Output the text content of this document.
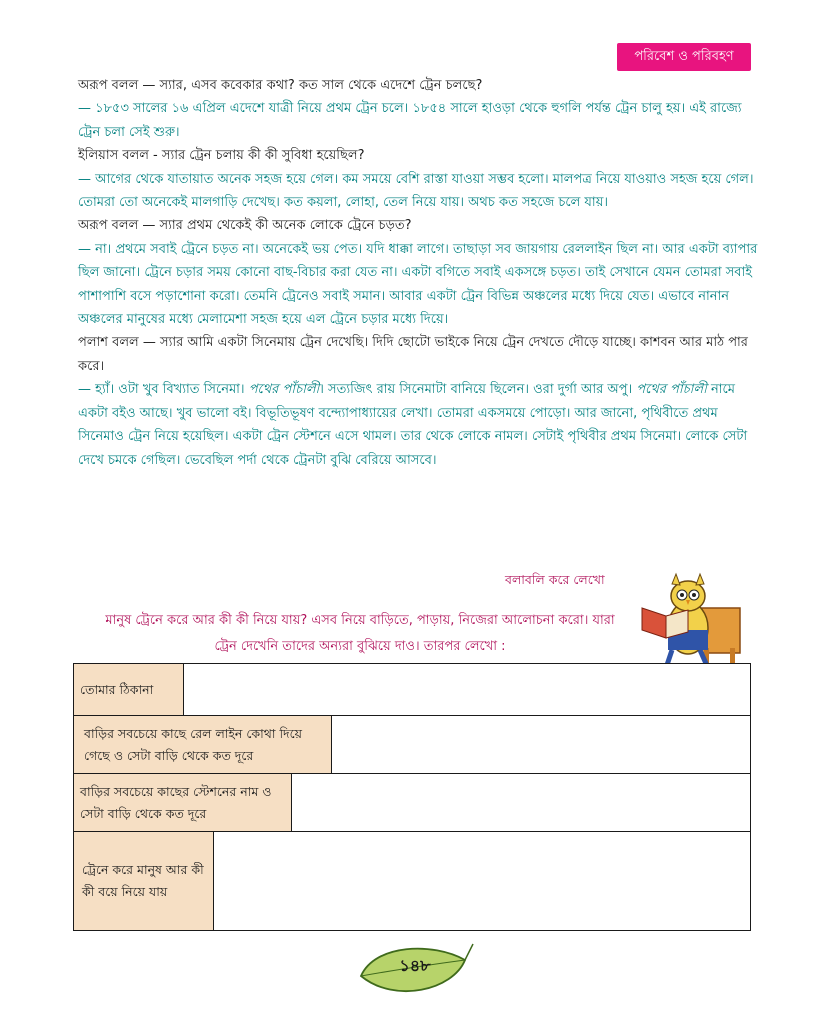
পরিবেশ ও পরিবহণ

অরূপ বলল — স্যার, এসব কবেকার কথা? কত সাল থেকে এদেশে ট্রেন চলছে?

— ১৮৫৩ সালের ১৬ এপ্রিল এদেশে যাত্রী নিয়ে প্রথম ট্রেন চলে। ১৮৫৪ সালে হাওড়া থেকে হুগলি পর্যন্ত ট্রেন চালু হয়। এই রাজ্যে ট্রেন চলা সেই শুরু।

ইলিয়াস বলল - স্যার ট্রেন চলায় কী কী সুবিধা হয়েছিল?

— আগের থেকে যাতায়াত অনেক সহজ হয়ে গেল। কম সময়ে বেশি রাস্তা যাওয়া সম্ভব হলো। মালপত্র নিয়ে যাওয়াও সহজ হয়ে গেল। তোমরা তো অনেকেই মালগাড়ি দেখেছ। কত কয়লা, লোহা, তেল নিয়ে যায়। অথচ কত সহজে চলে যায়।

অরূপ বলল — স্যার প্রথম থেকেই কী অনেক লোকে ট্রেনে চড়ত?

— না। প্রথমে সবাই ট্রেনে চড়ত না। অনেকেই ভয় পেত। যদি ধাক্কা লাগে। তাছাড়া সব জায়গায় রেললাইন ছিল না। আর একটা ব্যাপার ছিল জানো। ট্রেনে চড়ার সময় কোনো বাছ-বিচার করা যেত না। একটা বগিতে সবাই একসঙ্গে চড়ত। তাই সেখানে যেমন তোমরা সবাই পাশাপাশি বসে পড়াশোনা করো। তেমনি ট্রেনেও সবাই সমান। আবার একটা ট্রেন বিভিন্ন অঞ্চলের মধ্যে দিয়ে যেত। এভাবে নানান অঞ্চলের মানুষের মধ্যে মেলামেশা সহজ হয়ে এল ট্রেনে চড়ার মধ্যে দিয়ে।

পলাশ বলল — স্যার আমি একটা সিনেমায় ট্রেন দেখেছি। দিদি ছোটো ভাইকে নিয়ে ট্রেন দেখতে দৌড়ে যাচ্ছে। কাশবন আর মাঠ পার করে।

— হ্যাঁ। ওটা খুব বিখ্যাত সিনেমা। পথের পাঁচালী। সত্যজিৎ রায় সিনেমাটা বানিয়ে ছিলেন। ওরা দুর্গা আর অপু। পথের পাঁচালী নামে একটা বইও আছে। খুব ভালো বই। বিভূতিভূষণ বন্দ্যোপাধ্যায়ের লেখা। তোমরা একসময়ে পোড়ো। আর জানো, পৃথিবীতে প্রথম সিনেমাও ট্রেন নিয়ে হয়েছিল। একটা ট্রেন স্টেশনে এসে থামল। তার থেকে লোকে নামল। সেটাই পৃথিবীর প্রথম সিনেমা। লোকে সেটা দেখে চমকে গেছিল। ভেবেছিল পর্দা থেকে ট্রেনটা বুঝি বেরিয়ে আসবে।

বলাবলি করে লেখো
মানুষ ট্রেনে করে আর কী কী নিয়ে যায়? এসব নিয়ে বাড়িতে, পাড়ায়, নিজেরা আলোচনা করো। যারা ট্রেন দেখেনি তাদের অন্যরা বুঝিয়ে দাও। তারপর লেখো :
তোমার ঠিকানা
বাড়ির সবচেয়ে কাছে রেল লাইন কোথা দিয়ে গেছে ও সেটা বাড়ি থেকে কত দূরে
বাড়ির সবচেয়ে কাছের স্টেশনের নাম ও সেটা বাড়ি থেকে কত দূরে
ট্রেনে করে মানুষ আর কী কী বয়ে নিয়ে যায়
১৪৮
